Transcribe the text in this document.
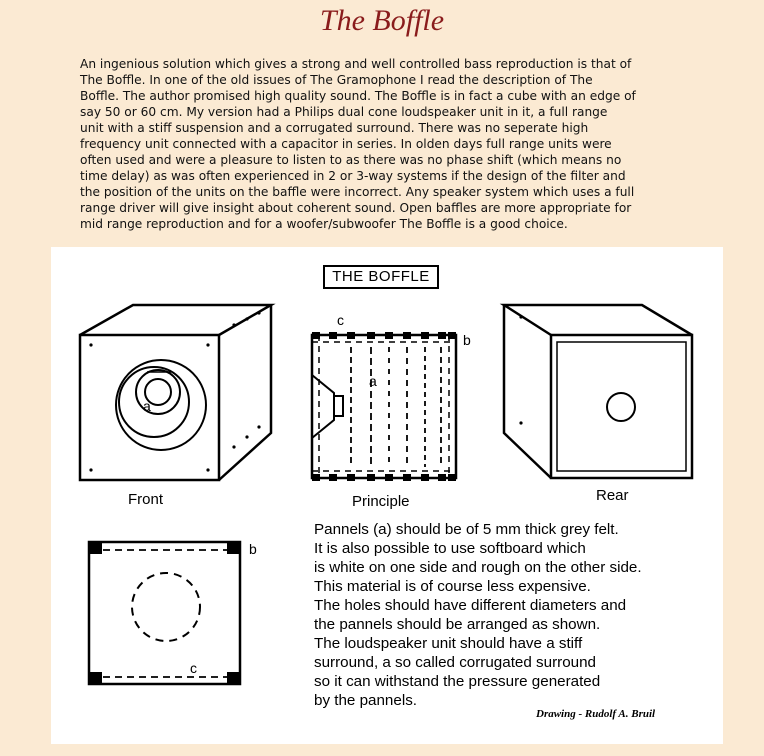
The Boffle
An ingenious solution which gives a strong and well controlled bass reproduction is that of
The Boffle. In one of the old issues of The Gramophone I read the description of The
Boffle. The author promised high quality sound. The Boffle is in fact a cube with an edge of
say 50 or 60 cm. My version had a Philips dual cone loudspeaker unit in it, a full range
unit with a stiff suspension and a corrugated surround. There was no seperate high
frequency unit connected with a capacitor in series. In olden days full range units were
often used and were a pleasure to listen to as there was no phase shift (which means no
time delay) as was often experienced in 2 or 3-way systems if the design of the filter and
the position of the units on the baffle were incorrect. Any speaker system which uses a full
range driver will give insight about coherent sound. Open baffles are more appropriate for
mid range reproduction and for a woofer/subwoofer The Boffle is a good choice.
THE BOFFLE
Front	Principle	Rear
a
a
b
c
b
c
Pannels (a) should be of 5 mm thick grey felt.
It is also possible to use softboard which
is white on one side and rough on the other side.
This material is of course less expensive.
The holes should have different diameters and
the pannels should be arranged as shown.
The loudspeaker unit should have a stiff
surround, a so called corrugated surround
so it can withstand the pressure generated
by the pannels.
Drawing - Rudolf A. Bruil
